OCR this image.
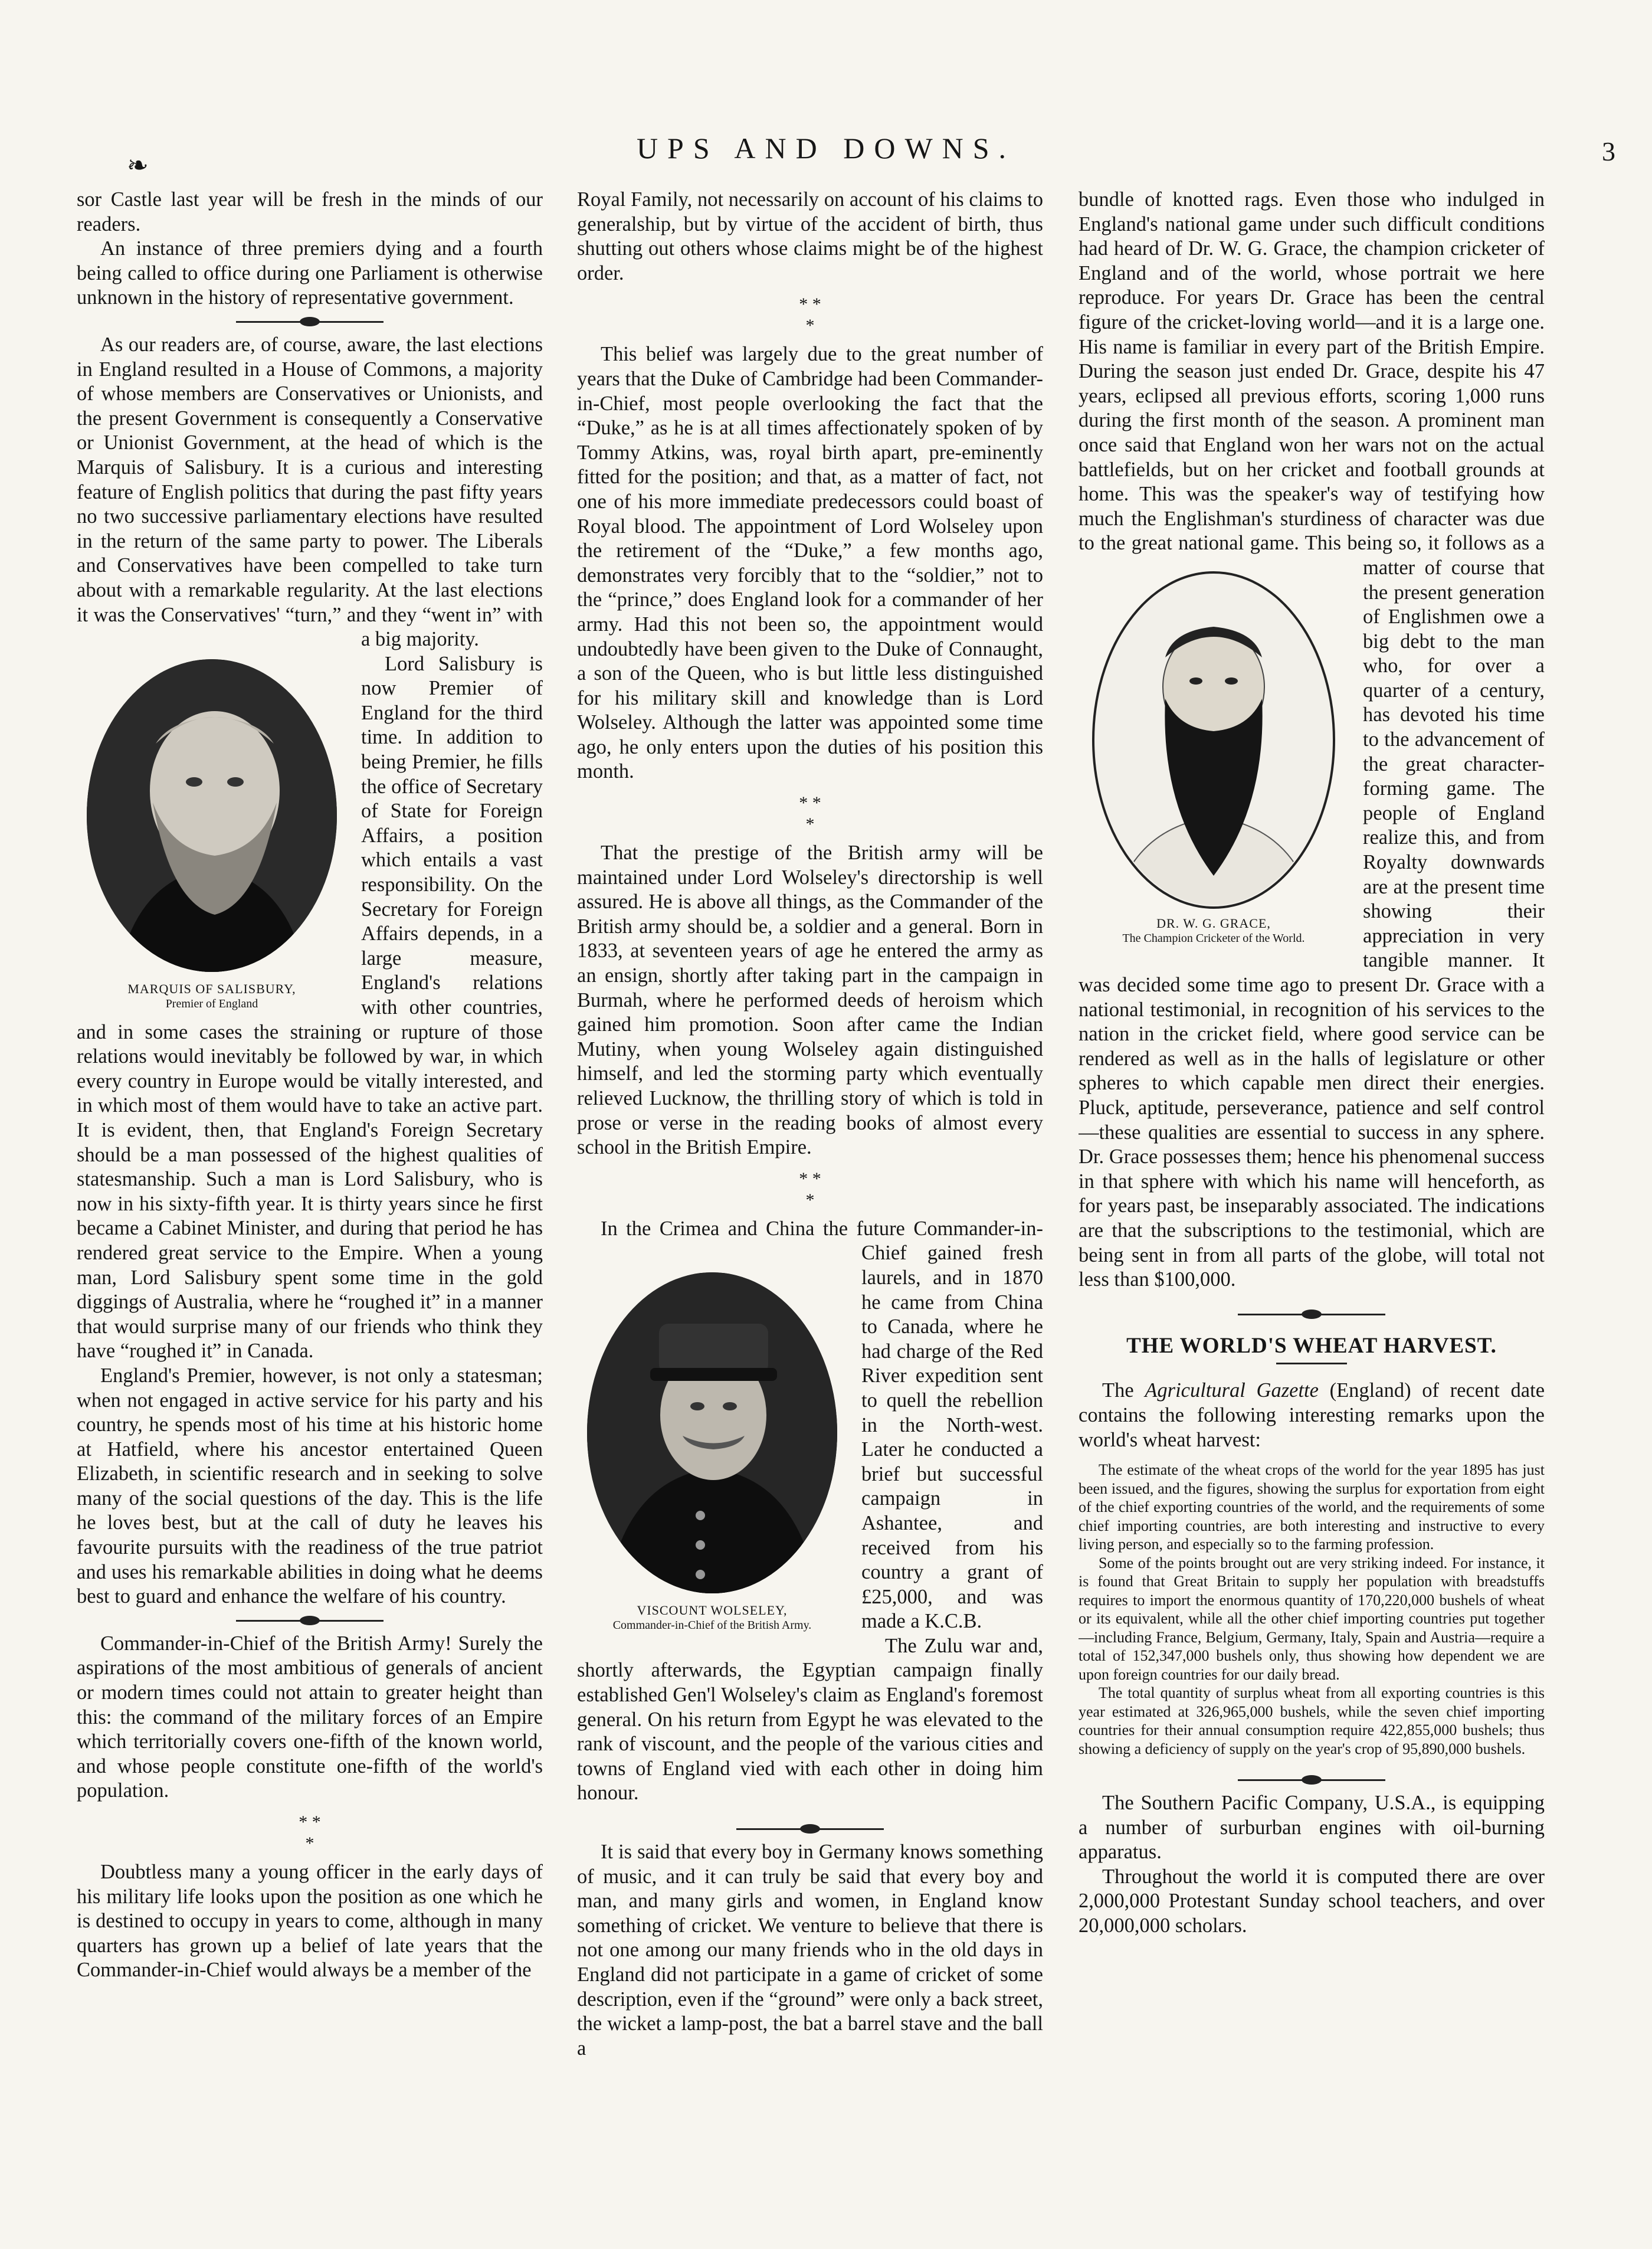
❧
UPS AND DOWNS.	3

sor Castle last year will be fresh in the minds of our readers.

An instance of three premiers dying and a fourth being called to office during one Parliament is otherwise unknown in the history of representative government.

MARQUIS OF SALISBURY,
Premier of England

As our readers are, of course, aware, the last elections in England resulted in a House of Commons, a majority of whose members are Conservatives or Unionists, and the present Government is consequently a Conservative or Unionist Government, at the head of which is the Marquis of Salisbury. It is a curious and interesting feature of English politics that during the past fifty years no two successive parliamentary elections have resulted in the return of the same party to power. The Liberals and Conservatives have been compelled to take turn about with a remarkable regularity. At the last elections it was the Conservatives' “turn,” and they “went in” with a big majority.

Lord Salisbury is now Premier of England for the third time. In addition to being Premier, he fills the office of Secretary of State for Foreign Affairs, a position which entails a vast responsibility. On the Secretary for Foreign Affairs depends, in a large measure, England's relations with other countries, and in some cases the straining or rupture of those relations would inevitably be followed by war, in which every country in Europe would be vitally interested, and in which most of them would have to take an active part. It is evident, then, that England's Foreign Secretary should be a man possessed of the highest qualities of statesmanship. Such a man is Lord Salisbury, who is now in his sixty-fifth year. It is thirty years since he first became a Cabinet Minister, and during that period he has rendered great service to the Empire. When a young man, Lord Salisbury spent some time in the gold diggings of Australia, where he “roughed it” in a manner that would surprise many of our friends who think they have “roughed it” in Canada.

England's Premier, however, is not only a statesman; when not engaged in active service for his party and his country, he spends most of his time at his historic home at Hatfield, where his ancestor entertained Queen Elizabeth, in scientific research and in seeking to solve many of the social questions of the day. This is the life he loves best, but at the call of duty he leaves his favourite pursuits with the readiness of the true patriot and uses his remarkable abilities in doing what he deems best to guard and enhance the welfare of his country.

Commander-in-Chief of the British Army! Surely the aspirations of the most ambitious of generals of ancient or modern times could not attain to greater height than this: the command of the military forces of an Empire which territorially covers one-fifth of the known world, and whose people constitute one-fifth of the world's population.

* *
*

Doubtless many a young officer in the early days of his military life looks upon the position as one which he is destined to occupy in years to come, although in many quarters has grown up a belief of late years that the Commander-in-Chief would always be a member of the

Royal Family, not necessarily on account of his claims to generalship, but by virtue of the accident of birth, thus shutting out others whose claims might be of the highest order.

* *
*

This belief was largely due to the great number of years that the Duke of Cambridge had been Commander-in-Chief, most people overlooking the fact that the “Duke,” as he is at all times affectionately spoken of by Tommy Atkins, was, royal birth apart, pre-eminently fitted for the position; and that, as a matter of fact, not one of his more immediate predecessors could boast of Royal blood. The appointment of Lord Wolseley upon the retirement of the “Duke,” a few months ago, demonstrates very forcibly that to the “soldier,” not to the “prince,” does England look for a commander of her army. Had this not been so, the appointment would undoubtedly have been given to the Duke of Connaught, a son of the Queen, who is but little less distinguished for his military skill and knowledge than is Lord Wolseley. Although the latter was appointed some time ago, he only enters upon the duties of his position this month.

* *
*

That the prestige of the British army will be maintained under Lord Wolseley's directorship is well assured. He is above all things, as the Commander of the British army should be, a soldier and a general. Born in 1833, at seventeen years of age he entered the army as an ensign, shortly after taking part in the campaign in Burmah, where he performed deeds of heroism which gained him promotion. Soon after came the Indian Mutiny, when young Wolseley again distinguished himself, and led the storming party which eventually relieved Lucknow, the thrilling story of which is told in prose or verse in the reading books of almost every school in the British Empire.

* *
*
VISCOUNT WOLSELEY,
Commander-in-Chief of the British Army.

In the Crimea and China the future Commander-in-Chief gained fresh laurels, and in 1870 he came from China to Canada, where he had charge of the Red River expedition sent to quell the rebellion in the North-west. Later he conducted a brief but successful campaign in Ashantee, and received from his country a grant of £25,000, and was made a K.C.B.

The Zulu war and, shortly afterwards, the Egyptian campaign finally established Gen'l Wolseley's claim as England's foremost general. On his return from Egypt he was elevated to the rank of viscount, and the people of the various cities and towns of England vied with each other in doing him honour.

It is said that every boy in Germany knows something of music, and it can truly be said that every boy and man, and many girls and women, in England know something of cricket. We venture to believe that there is not one among our many friends who in the old days in England did not participate in a game of cricket of some description, even if the “ground” were only a back street, the wicket a lamp-post, the bat a barrel stave and the ball a

DR. W. G. GRACE,
The Champion Cricketer of the World.

bundle of knotted rags. Even those who indulged in England's national game under such difficult conditions had heard of Dr. W. G. Grace, the champion cricketer of England and of the world, whose portrait we here reproduce. For years Dr. Grace has been the central figure of the cricket-loving world—and it is a large one. His name is familiar in every part of the British Empire. During the season just ended Dr. Grace, despite his 47 years, eclipsed all previous efforts, scoring 1,000 runs during the first month of the season. A prominent man once said that England won her wars not on the actual battlefields, but on her cricket and football grounds at home. This was the speaker's way of testifying how much the Englishman's sturdiness of character was due to the great national game. This being so, it follows as a matter of course that the present generation of Englishmen owe a big debt to the man who, for over a quarter of a century, has devoted his time to the advancement of the great character-forming game. The people of England realize this, and from Royalty downwards are at the present time showing their appreciation in very tangible manner. It was decided some time ago to present Dr. Grace with a national testimonial, in recognition of his services to the nation in the cricket field, where good service can be rendered as well as in the halls of legislature or other spheres to which capable men direct their energies. Pluck, aptitude, perseverance, patience and self control—these qualities are essential to success in any sphere. Dr. Grace possesses them; hence his phenomenal success in that sphere with which his name will henceforth, as for years past, be inseparably associated. The indications are that the subscriptions to the testimonial, which are being sent in from all parts of the globe, will total not less than $100,000.

THE WORLD'S WHEAT HARVEST.

The Agricultural Gazette (England) of recent date contains the following interesting remarks upon the world's wheat harvest:

The estimate of the wheat crops of the world for the year 1895 has just been issued, and the figures, showing the surplus for exportation from eight of the chief exporting countries of the world, and the requirements of some chief importing countries, are both interesting and instructive to every living person, and especially so to the farming profession.

Some of the points brought out are very striking indeed. For instance, it is found that Great Britain to supply her population with breadstuffs requires to import the enormous quantity of 170,220,000 bushels of wheat or its equivalent, while all the other chief importing countries put together—including France, Belgium, Germany, Italy, Spain and Austria—require a total of 152,347,000 bushels only, thus showing how dependent we are upon foreign countries for our daily bread.

The total quantity of surplus wheat from all exporting countries is this year estimated at 326,965,000 bushels, while the seven chief importing countries for their annual consumption require 422,855,000 bushels; thus showing a deficiency of supply on the year's crop of 95,890,000 bushels.

The Southern Pacific Company, U.S.A., is equipping a number of surburban engines with oil-burning apparatus.

Throughout the world it is computed there are over 2,000,000 Protestant Sunday school teachers, and over 20,000,000 scholars.
